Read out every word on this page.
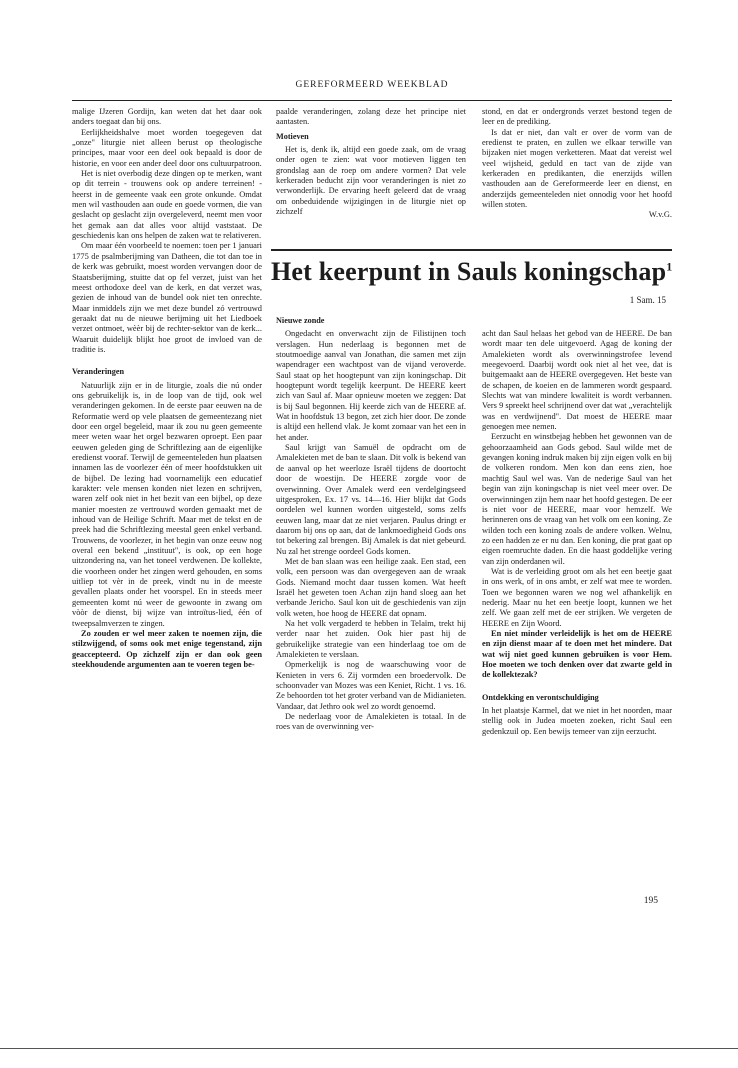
GEREFORMEERD WEEKBLAD

malige IJzeren Gordijn, kan weten dat het daar ook anders toegaat dan bij ons.

Eerlijkheidshalve moet worden toegegeven dat „onze" liturgie niet alleen berust op theologische principes, maar voor een deel ook bepaald is door de historie, en voor een ander deel door ons cultuurpatroon.

Het is niet overbodig deze dingen op te merken, want op dit terrein - trouwens ook op andere terreinen! - heerst in de gemeente vaak een grote onkunde. Omdat men wil vasthouden aan oude en goede vormen, die van geslacht op geslacht zijn overgeleverd, neemt men voor het gemak aan dat alles voor altijd vaststaat. De geschiedenis kan ons helpen de zaken wat te relativeren.

Om maar één voorbeeld te noemen: toen per 1 januari 1775 de psalmberijming van Datheen, die tot dan toe in de kerk was gebruikt, moest worden vervangen door de Staatsberijming, stuitte dat op fel verzet, juist van het meest orthodoxe deel van de kerk, en dat verzet was, gezien de inhoud van de bundel ook niet ten onrechte. Maar inmiddels zijn we met deze bundel zó vertrouwd geraakt dat nu de nieuwe berijming uit het Liedboek verzet ontmoet, wèèr bij de rechter-sektor van de kerk... Waaruit duidelijk blijkt hoe groot de invloed van de traditie is.

Veranderingen

Natuurlijk zijn er in de liturgie, zoals die nú onder ons gebruikelijk is, in de loop van de tijd, ook wel veranderingen gekomen. In de eerste paar eeuwen na de Reformatie werd op vele plaatsen de gemeentezang niet door een orgel begeleid, maar ik zou nu geen gemeente meer weten waar het orgel bezwaren oproept. Een paar eeuwen geleden ging de Schriftlezing aan de eigenlijke eredienst vooraf. Terwijl de gemeenteleden hun plaatsen innamen las de voorlezer één of meer hoofdstukken uit de bijbel. De lezing had voornamelijk een educatief karakter: vele mensen konden niet lezen en schrijven, waren zelf ook niet in het bezit van een bijbel, op deze manier moesten ze vertrouwd worden gemaakt met de inhoud van de Heilige Schrift. Maar met de tekst en de preek had die Schriftlezing meestal geen enkel verband. Trouwens, de voorlezer, in het begin van onze eeuw nog overal een bekend „instituut", is ook, op een hoge uitzondering na, van het toneel verdwenen. De kollekte, die voorheen onder het zingen werd gehouden, en soms uitliep tot vèr in de preek, vindt nu in de meeste gevallen plaats onder het voorspel. En in steeds meer gemeenten komt nú weer de gewoonte in zwang om vòòr de dienst, bij wijze van introïtus-lied, één of tweepsalmverzen te zingen.

Zo zouden er wel meer zaken te noemen zijn, die stilzwijgend, of soms ook met enige tegenstand, zijn geaccepteerd. Op zichzelf zijn er dan ook geen steekhoudende argumenten aan te voeren tegen be-

paalde veranderingen, zolang deze het principe niet aantasten.

Motieven

Het is, denk ik, altijd een goede zaak, om de vraag onder ogen te zien: wat voor motieven liggen ten grondslag aan de roep om andere vormen? Dat vele kerkeraden beducht zijn voor veranderingen is niet zo verwonderlijk. De ervaring heeft geleerd dat de vraag om onbeduidende wijzigingen in de liturgie niet op zichzelf

stond, en dat er ondergronds verzet bestond tegen de leer en de prediking.

Is dat er niet, dan valt er over de vorm van de eredienst te praten, en zullen we elkaar terwille van bijzaken niet mogen verketteren. Maat dat vereist wel veel wijsheid, geduld en tact van de zijde van kerkeraden en predikanten, die enerzijds willen vasthouden aan de Gereformeerde leer en dienst, en anderzijds gemeenteleden niet onnodig voor het hoofd willen stoten.

W.v.G.

Het keerpunt in Sauls koningschap$^1$
1 Sam. 15
Nieuwe zonde

Ongedacht en onverwacht zijn de Filistijnen toch verslagen. Hun nederlaag is begonnen met de stoutmoedige aanval van Jonathan, die samen met zijn wapendrager een wachtpost van de vijand veroverde. Saul staat op het hoogtepunt van zijn koningschap. Dit hoogtepunt wordt tegelijk keerpunt. De HEERE keert zich van Saul af. Maar opnieuw moeten we zeggen: Dat is bij Saul begonnen. Hij keerde zich van de HEERE af. Wat in hoofdstuk 13 begon, zet zich hier door. De zonde is altijd een hellend vlak. Je komt zomaar van het een in het ander.

Saul krijgt van Samuël de opdracht om de Amalekieten met de ban te slaan. Dit volk is bekend van de aanval op het weerloze Israël tijdens de doortocht door de woestijn. De HEERE zorgde voor de overwinning. Over Amalek werd een verdelgingseed uitgesproken, Ex. 17 vs. 14—16. Hier blijkt dat Gods oordelen wel kunnen worden uitgesteld, soms zelfs eeuwen lang, maar dat ze niet verjaren. Paulus dringt er daarom bij ons op aan, dat de lankmoedigheid Gods ons tot bekering zal brengen. Bij Amalek is dat niet gebeurd. Nu zal het strenge oordeel Gods komen.

Met de ban slaan was een heilige zaak. Een stad, een volk, een persoon was dan overgegeven aan de wraak Gods. Niemand mocht daar tussen komen. Wat heeft Israël het geweten toen Achan zijn hand sloeg aan het verbande Jericho. Saul kon uit de geschiedenis van zijn volk weten, hoe hoog de HEERE dat opnam.

Na het volk vergaderd te hebben in Telaïm, trekt hij verder naar het zuiden. Ook hier past hij de gebruikelijke strategie van een hinderlaag toe om de Amalekieten te verslaan.

Opmerkelijk is nog de waarschuwing voor de Kenieten in vers 6. Zij vormden een broedervolk. De schoonvader van Mozes was een Keniet, Richt. 1 vs. 16. Ze behoorden tot het groter verband van de Midianieten. Vandaar, dat Jethro ook wel zo wordt genoemd.

De nederlaag voor de Amalekieten is totaal. In de roes van de overwinning ver-

acht dan Saul helaas het gebod van de HEERE. De ban wordt maar ten dele uitgevoerd. Agag de koning der Amalekieten wordt als overwinningstrofee levend meegevoerd. Daarbij wordt ook niet al het vee, dat is buitgemaakt aan de HEERE overgegeven. Het beste van de schapen, de koeien en de lammeren wordt gespaard. Slechts wat van mindere kwaliteit is wordt verbannen. Vers 9 spreekt heel schrijnend over dat wat „verachtelijk was en verdwijnend". Dat moest de HEERE maar genoegen mee nemen.

Eerzucht en winstbejag hebben het gewonnen van de gehoorzaamheid aan Gods gebod. Saul wilde met de gevangen koning indruk maken bij zijn eigen volk en bij de volkeren rondom. Men kon dan eens zien, hoe machtig Saul wel was. Van de nederige Saul van het begin van zijn koningschap is niet veel meer over. De overwinningen zijn hem naar het hoofd gestegen. De eer is niet voor de HEERE, maar voor hemzelf. We herinneren ons de vraag van het volk om een koning. Ze wilden toch een koning zoals de andere volken. Welnu, zo een hadden ze er nu dan. Een koning, die prat gaat op eigen roemruchte daden. En die haast goddelijke vering van zijn onderdanen wil.

Wat is de verleiding groot om als het een beetje gaat in ons werk, of in ons ambt, er zelf wat mee te worden. Toen we begonnen waren we nog wel afhankelijk en nederig. Maar nu het een beetje loopt, kunnen we het zelf. We gaan zelf met de eer strijken. We vergeten de HEERE en Zijn Woord.

En niet minder verleidelijk is het om de HEERE en zijn dienst maar af te doen met het mindere. Dat wat wij niet goed kunnen gebruiken is voor Hem. Hoe moeten we toch denken over dat zwarte geld in de kollektezak?

Ontdekking en verontschuldiging

In het plaatsje Karmel, dat we niet in het noorden, maar stellig ook in Judea moeten zoeken, richt Saul een gedenkzuil op. Een bewijs temeer van zijn eerzucht.

195
